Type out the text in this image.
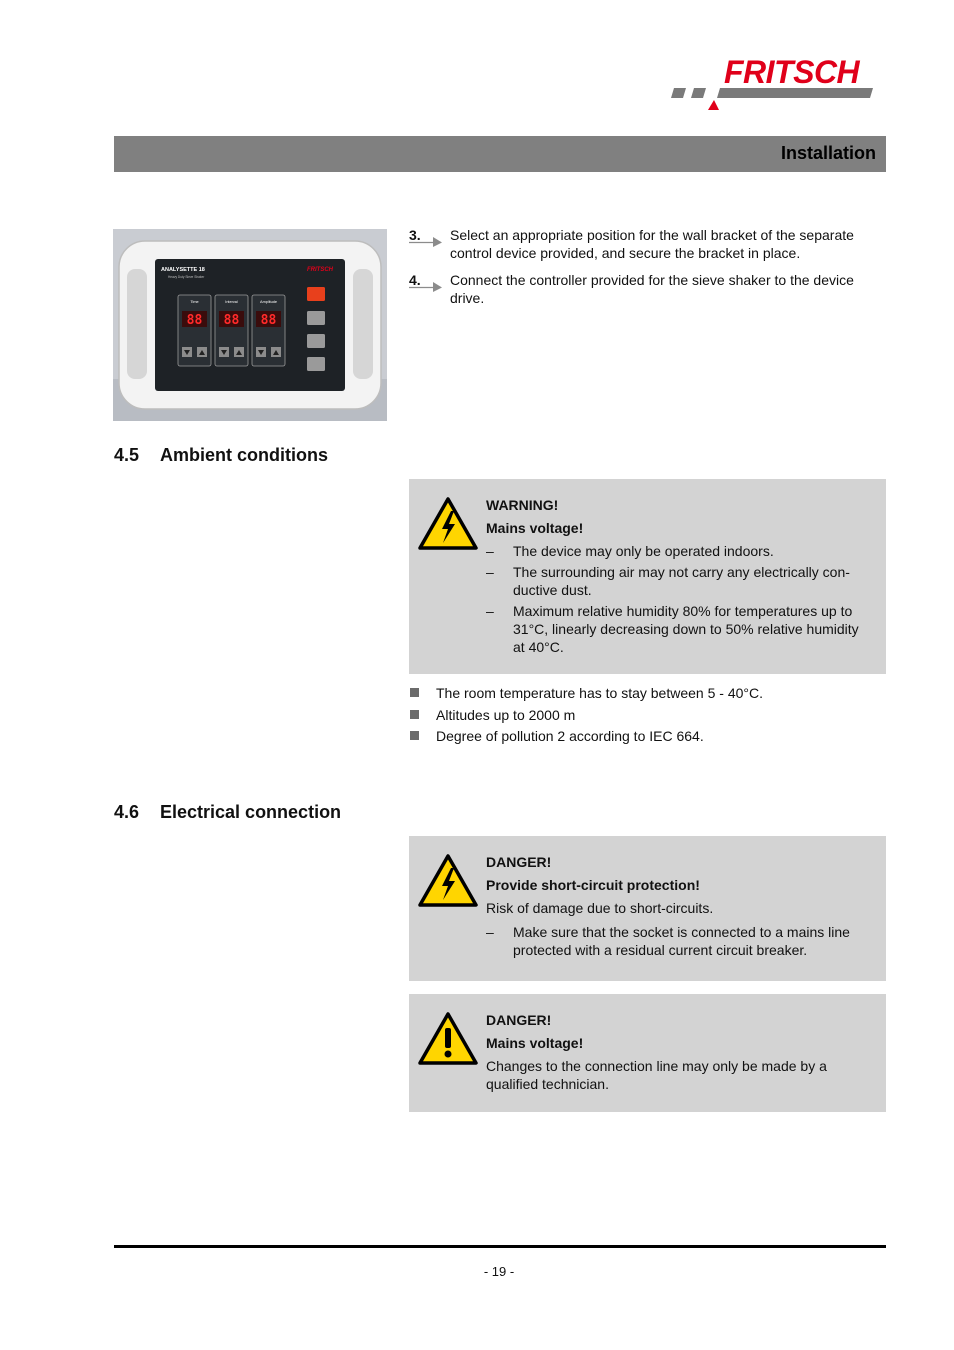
FRITSCH
Installation
ANALYSETTE 18
Heavy Duty Sieve Shaker
FRITSCH
Time
88
Interval
88
Amplitude
88
3. Select an appropriate position for the wall bracket of the separate control device provided, and secure the bracket in place.
4. Connect the controller provided for the sieve shaker to the device drive.
4.5 Ambient conditions
WARNING!
Mains voltage!
– The device may only be operated indoors.
– The surrounding air may not carry any electrically con-ductive dust.
– Maximum relative humidity 80% for temperatures up to 31°C, linearly decreasing down to 50% relative humidity at 40°C.
The room temperature has to stay between 5 - 40°C.
Altitudes up to 2000 m
Degree of pollution 2 according to IEC 664.
4.6 Electrical connection
DANGER!
Provide short-circuit protection!
Risk of damage due to short-circuits.
– Make sure that the socket is connected to a mains line protected with a residual current circuit breaker.
DANGER!
Mains voltage!
Changes to the connection line may only be made by a qualified technician.
- 19 -
